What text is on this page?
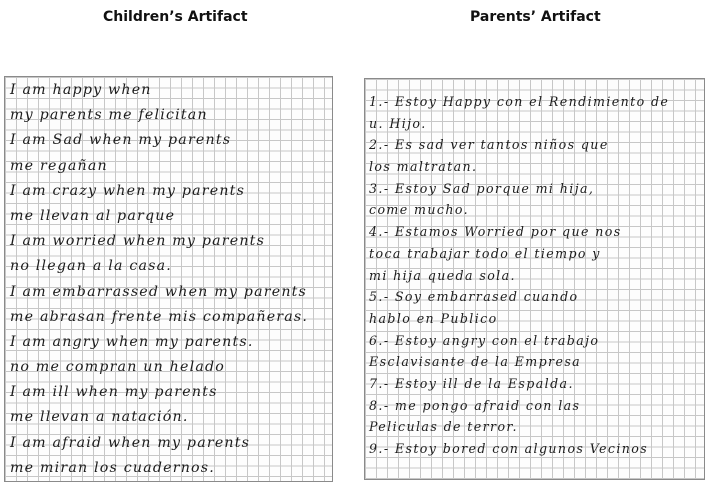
Children’s Artifact	Parents’ Artifact
I am happy when
my parents me felicitan
I am Sad when my parents
me regañan
I am crazy when my parents
me llevan al parque
I am worried when my parents
no llegan a la casa.
I am embarrassed when my parents
me abrasan frente mis compañeras.
I am angry when my parents.
no me compran un helado
I am ill when my parents
me llevan a natación.
I am afraid when my parents
me miran los cuadernos.
1.- Estoy Happy con el Rendimiento de
u. Hijo.
2.- Es sad ver tantos niños que
los maltratan.
3.- Estoy Sad porque mi hija,
come mucho.
4.- Estamos Worried por que nos
toca trabajar todo el tiempo y
mi hija queda sola.
5.- Soy embarrased cuando
hablo en Publico
6.- Estoy angry con el trabajo
Esclavisante de la Empresa
7.- Estoy ill de la Espalda.
8.- me pongo afraid con las
Peliculas de terror.
9.- Estoy bored con algunos Vecinos
